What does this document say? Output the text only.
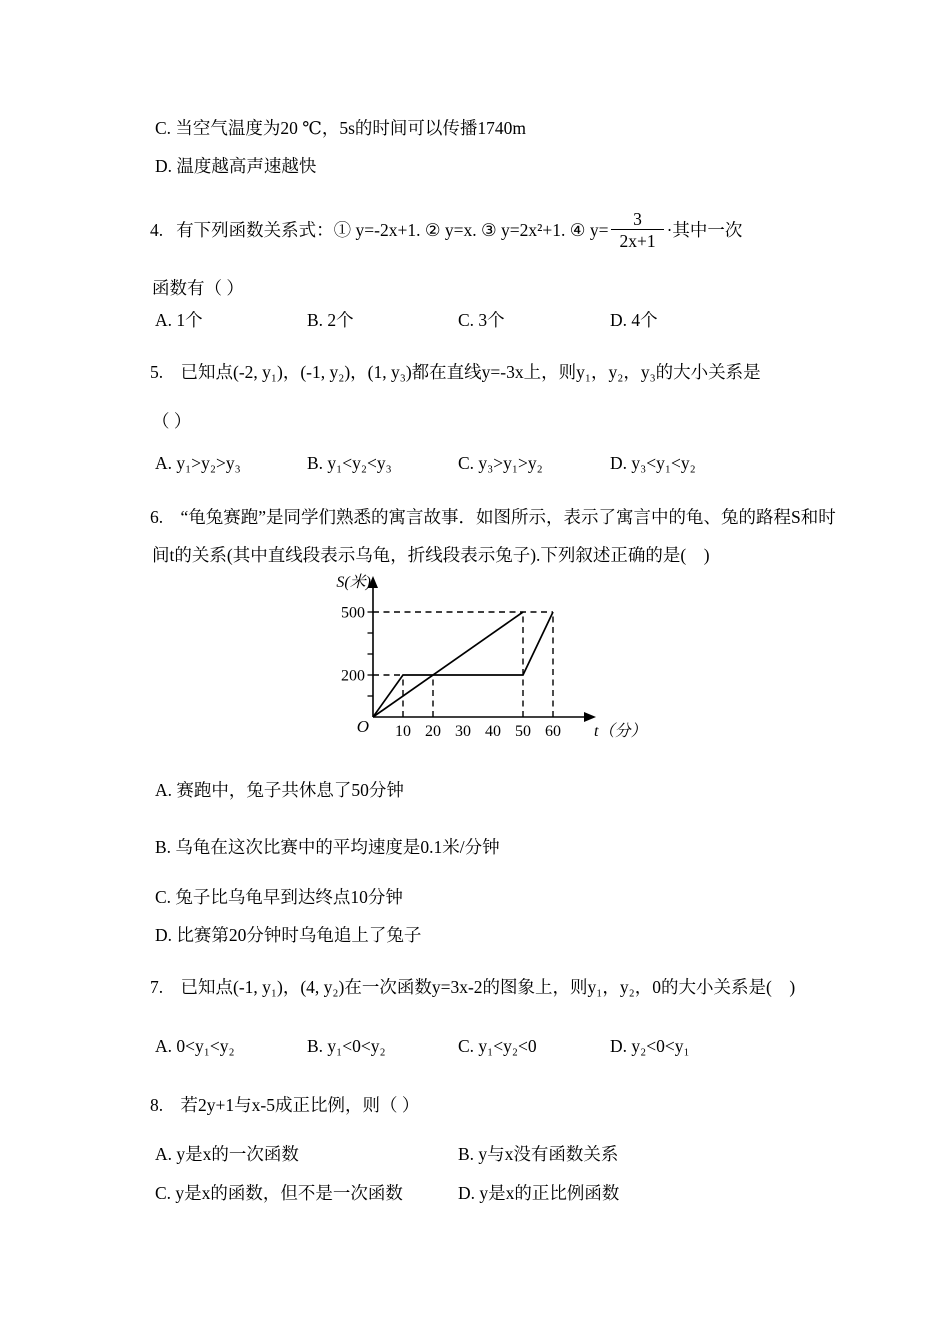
C. 当空气温度为20 ℃，5s的时间可以传播1740m
D. 温度越高声速越快
4. 有下列函数关系式：① y=-2x+1. ② y=x. ③ y=2x²+1. ④ $y= \frac{3}{2x+1}$ ·其中一次
函数有（ ）
A. 1个	B. 2个	C. 3个	D. 4个
5. 已知点(-2, y₁)，(-1, y₂)，(1, y₃)都在直线y=-3x上，则y₁，y₂，y₃的大小关系是
（ ）
A. y₁>y₂>y₃	B. y₁<y₂<y₃	C. y₃>y₁>y₂	D. y₃<y₁<y₂
6. “龟兔赛跑”是同学们熟悉的寓言故事．如图所示，表示了寓言中的龟、兔的路程S和时
间t的关系(其中直线段表示乌龟，折线段表示兔子).下列叙述正确的是(　)
200
500
10 20 30 40 50 60
S(米)
t（分）
O
A. 赛跑中，兔子共休息了50分钟
B. 乌龟在这次比赛中的平均速度是0.1米/分钟
C. 兔子比乌龟早到达终点10分钟
D. 比赛第20分钟时乌龟追上了兔子
7. 已知点(-1, y₁)，(4, y₂)在一次函数y=3x-2的图象上，则y₁，y₂，0的大小关系是(　)
A. 0<y₁<y₂	B. y₁<0<y₂	C. y₁<y₂<0	D. y₂<0<y₁
8. 若2y+1与x-5成正比例，则（ ）
A. y是x的一次函数	B. y与x没有函数关系
C. y是x的函数，但不是一次函数	D. y是x的正比例函数
